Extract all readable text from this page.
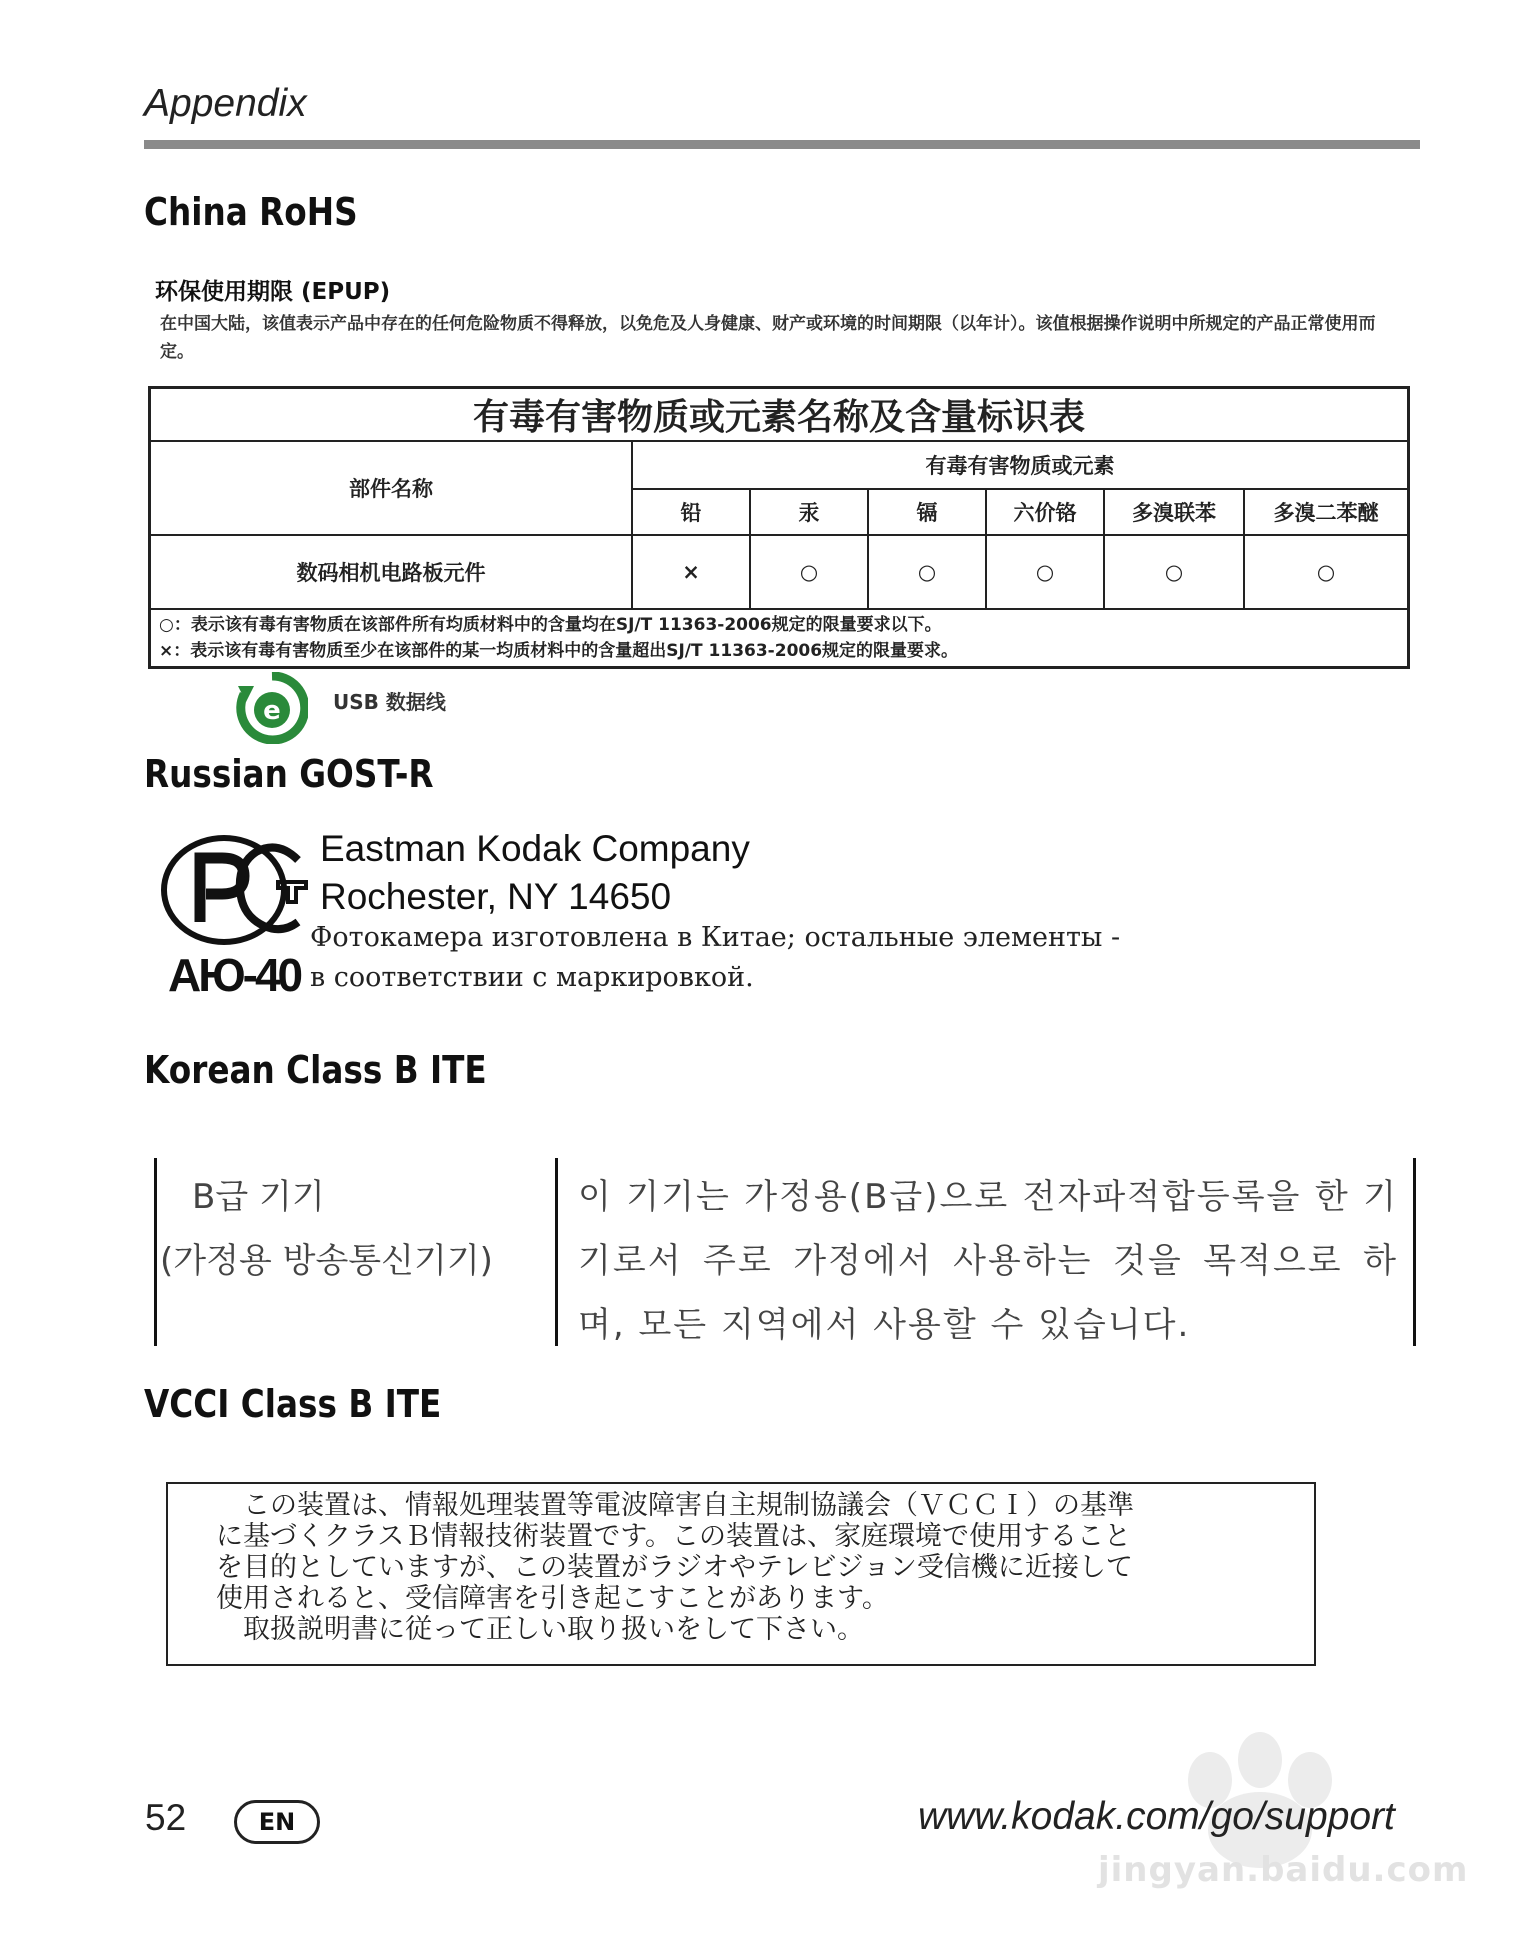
Appendix
China RoHS
环保使用期限 (EPUP)
在中国大陆，该值表示产品中存在的任何危险物质不得释放，以免危及人身健康、财产或环境的时间期限（以年计）。该值根据操作说明中所规定的产品正常使用而定。
有毒有害物质或元素名称及含量标识表						
部件名称	有毒有害物质或元素					
	铅	汞	镉	六价铬	多溴联苯	多溴二苯醚
数码相机电路板元件	×	○	○	○	○	○

○：表示该有毒有害物质在该部件所有均质材料中的含量均在SJ/T 11363-2006规定的限量要求以下。
×：表示该有毒有害物质至少在该部件的某一均质材料中的含量超出SJ/T 11363-2006规定的限量要求。						
e	USB 数据线
Russian GOST-R
АЮ-40
Eastman Kodak Company
Rochester, NY 14650
Фотокамера изготовлена в Китае; остальные элементы -
в соответствии с маркировкой.
Korean Class B ITE
B급 기기
(가정용 방송통신기기)
이 기기는 가정용(B급)으로 전자파적합등록을 한 기기로서 주로 가정에서 사용하는 것을 목적으로 하며, 모든 지역에서 사용할 수 있습니다.
VCCI Class B ITE
　この装置は、情報処理装置等電波障害自主規制協議会（ＶＣＣＩ）の基準
に基づくクラスＢ情報技術装置です。この装置は、家庭環境で使用すること
を目的としていますが、この装置がラジオやテレビジョン受信機に近接して
使用されると、受信障害を引き起こすことがあります。
　取扱説明書に従って正しい取り扱いをして下さい。
52	EN	www.kodak.com/go/support
jingyan.baidu.com
